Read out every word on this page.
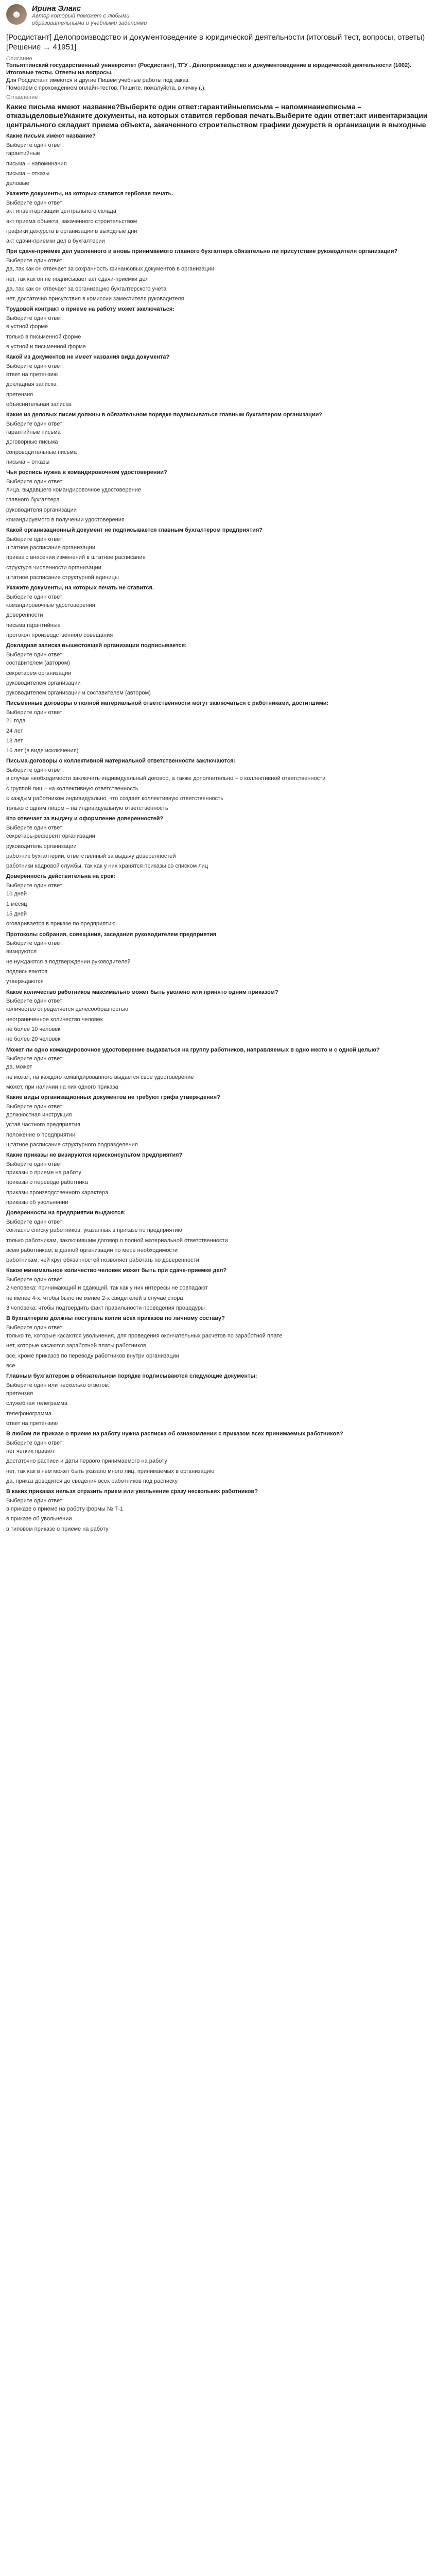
☻ Ирина Элакс
Автор который поможет с любыми образовательными и учебными заданиями
[Росдистант] Делопроизводство и документоведение в юридической деятельности (итоговый тест, вопросы, ответы) [Решение → 41951]
Описание

Тольяттинский государственный университет (Росдистант), ТГУ . Делопроизводство и документоведение в юридической деятельности (1002). Итоговые тесты. Ответы на вопросы.

Для Росдистант имеются и другие Пишем учебные работы под заказ.

Помогаем с прохождением онлайн-тестов. Пишите, пожалуйста, в личку (.).

Оглавление
Какие письма имеют название?Выберите один ответ:гарантийныеписьма – напоминаниеписьма – отказыделовыеУкажите документы, на которых ставится гербовая печать.Выберите один ответ:акт инвентаризации центрального складакт приема объекта, закаченного строительством графики дежурств в организации в выходные
Какие письма имеют название?
Выберите один ответ:
гарантийные
письма – напоминания
письма – отказы
деловые
Укажите документы, на которых ставится гербовая печать.
Выберите один ответ:
акт инвентаризации центрального склада
акт приема объекта, закаченного строительством
графики дежурств в организации в выходные дни
акт сдачи-приемки дел в бухгалтерии
При сдаче-приемке дел уволенного и вновь принимаемого главного бухгалтера обязательно ли присутствие руководителя организации?
Выберите один ответ:
да, так как он отвечает за сохранность финансовых документов в организации
нет, так как он не подписывает акт сдачи-приемки дел
да, так как он отвечает за организацию бухгалтерского учета
нет, достаточно присутствия в комиссии заместителя руководителя
Трудовой контракт о приеме на работу может заключаться:
Выберите один ответ:
в устной форме
только в письменной форме
в устной и письменной форме
Какой из документов не имеет названия вида документа?
Выберите один ответ:
ответ на претензию
докладная записка
претензия
объяснительная записка
Какие из деловых писем должны в обязательном порядке подписываться главным бухгалтером организации?
Выберите один ответ:
гарантийные письма
договорные письма
сопроводительные письма
письма – отказы
Чья роспись нужна в командировочном удостоверении?
Выберите один ответ:
лица, выдавшего командировочное удостоверение
главного бухгалтера
руководителя организации
командируемого в получении удостоверения
Какой организационный документ не подписывается главным бухгалтером предприятия?
Выберите один ответ:
штатное расписание организации
приказ о внесении изменений в штатное расписание
структура численности организации
штатное расписание структурной единицы
Укажите документы, на которых печать не ставится.
Выберите один ответ:
командировочные удостоверения
доверенности
письма гарантийные
протокол производственного совещания
Докладная записка вышестоящей организации подписывается:
Выберите один ответ:
составителем (автором)
секретарем организации
руководителем организации
руководителем организации и составителем (автором)
Письменные договоры о полной материальной ответственности могут заключаться с работниками, достигшими:
Выберите один ответ:
21 года
24 лет
18 лет
16 лет (в виде исключения)
Письма-договоры о коллективной материальной ответственности заключаются:
Выберите один ответ:
в случае необходимости заключить индивидуальный договор, а также дополнительно – о коллективной ответственности
с группой лиц – на коллективную ответственность
с каждым работником индивидуально, что создает коллективную ответственность
только с одним лицом – на индивидуальную ответственность
Кто отвечает за выдачу и оформление доверенностей?
Выберите один ответ:
секретарь-референт организации
руководитель организации
работник бухгалтерии, ответственный за выдачу доверенностей
работники кадровой службы, так как у них хранятся приказы со списком лиц
Доверенность действительна на срок:
Выберите один ответ:
10 дней
1 месяц
15 дней
оговаривается в приказе по предприятию
Протоколы собрания, совещания, заседания руководителем предприятия
Выберите один ответ:
визируются
не нуждаются в подтверждении руководителей
подписываются
утверждаются
Какое количество работников максимально может быть уволено или принято одним приказом?
Выберите один ответ:
количество определяется целесообразностью
неограниченное количество человек
не более 10 человек
не более 20 человек
Может ли одно командировочное удостоверение выдаваться на группу работников, направляемых в одно место и с одной целью?
Выберите один ответ:
да, может
не может, на каждого командированного выдается свое удостоверение
может, при наличии на них одного приказа
Какие виды организационных документов не требуют грифа утверждения?
Выберите один ответ:
должностная инструкция
устав частного предприятия
положение о предприятии
штатное расписание структурного подразделения
Какие приказы не визируются юрисконсультом предприятия?
Выберите один ответ:
приказы о приеме на работу
приказы о переводе работника
приказы производственного характера
приказы об увольнении
Доверенности на предприятии выдаются:
Выберите один ответ:
согласно списку работников, указанных в приказе по предприятию
только работникам, заключившим договор о полной материальной ответственности
всем работникам, в данной организации по мере необходимости
работникам, чей круг обязанностей позволяет работать по доверенности
Какое минимальное количество человек может быть при сдаче-приемке дел?
Выберите один ответ:
2 человека: принимающий и сдающий, так как у них интересы не совпадают
не менее 4-х: чтобы было не менее 2-х свидетелей в случае спора
3 человека: чтобы подтвердить факт правильности проведения процедуры
В бухгалтерию должны поступать копии всех приказов по личному составу?
Выберите один ответ:
только те, которые касаются увольнения, для проведения окончательных расчетов по заработной плате
нет, которые касаются заработной платы работников
все, кроме приказов по переводу работников внутри организации
все
Главным бухгалтером в обязательном порядке подписываются следующие документы:
Выберите один или несколько ответов:
претензия
служебная телеграмма
телефонограмма
ответ на претензию
В любом ли приказе о приеме на работу нужна расписка об ознакомлении с приказом всех принимаемых работников?
Выберите один ответ:
нет четких правил
достаточно расписи и даты первого принимаемого на работу
нет, так как в нем может быть указано много лиц, принимаемых в организацию
да, приказ доводится до сведения всех работников под расписку
В каких приказах нельзя отразить прием или увольнение сразу нескольких работников?
Выберите один ответ:
в приказе о приеме на работу формы № Т-1
в приказе об увольнении
в типовом приказе о приеме на работу
